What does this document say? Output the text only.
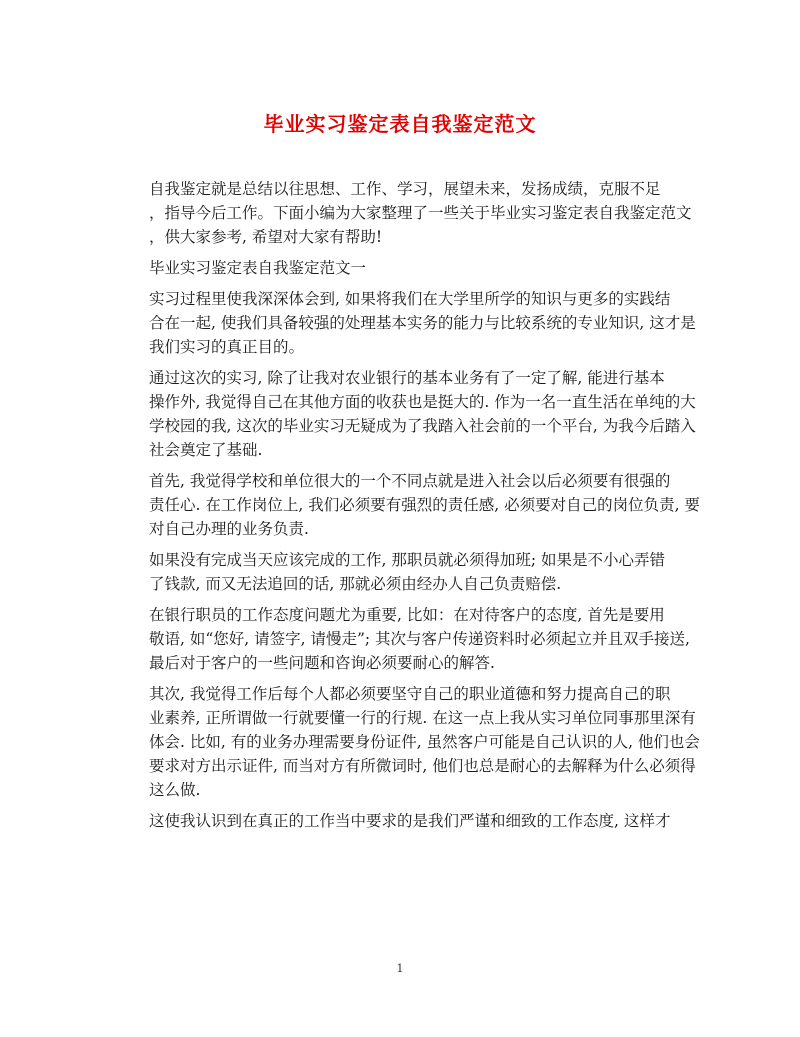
毕业实习鉴定表自我鉴定范文
自我鉴定就是总结以往思想、工作、学习，展望未来，发扬成绩，克服不足
，指导今后工作。下面小编为大家整理了一些关于毕业实习鉴定表自我鉴定范文
，供大家参考, 希望对大家有帮助!
毕业实习鉴定表自我鉴定范文一
实习过程里使我深深体会到, 如果将我们在大学里所学的知识与更多的实践结
合在一起, 使我们具备较强的处理基本实务的能力与比较系统的专业知识, 这才是
我们实习的真正目的。
通过这次的实习, 除了让我对农业银行的基本业务有了一定了解, 能进行基本
操作外, 我觉得自己在其他方面的收获也是挺大的. 作为一名一直生活在单纯的大
学校园的我, 这次的毕业实习无疑成为了我踏入社会前的一个平台, 为我今后踏入
社会奠定了基础.
首先, 我觉得学校和单位很大的一个不同点就是进入社会以后必须要有很强的
责任心. 在工作岗位上, 我们必须要有强烈的责任感, 必须要对自己的岗位负责, 要
对自己办理的业务负责.
如果没有完成当天应该完成的工作, 那职员就必须得加班; 如果是不小心弄错
了钱款, 而又无法追回的话, 那就必须由经办人自己负责赔偿.
在银行职员的工作态度问题尤为重要, 比如：在对待客户的态度, 首先是要用
敬语, 如“您好, 请签字, 请慢走”; 其次与客户传递资料时必须起立并且双手接送,
最后对于客户的一些问题和咨询必须要耐心的解答.
其次, 我觉得工作后每个人都必须要坚守自己的职业道德和努力提高自己的职
业素养, 正所谓做一行就要懂一行的行规. 在这一点上我从实习单位同事那里深有
体会. 比如, 有的业务办理需要身份证件, 虽然客户可能是自己认识的人, 他们也会
要求对方出示证件, 而当对方有所微词时, 他们也总是耐心的去解释为什么必须得
这么做.
这使我认识到在真正的工作当中要求的是我们严谨和细致的工作态度, 这样才
1
